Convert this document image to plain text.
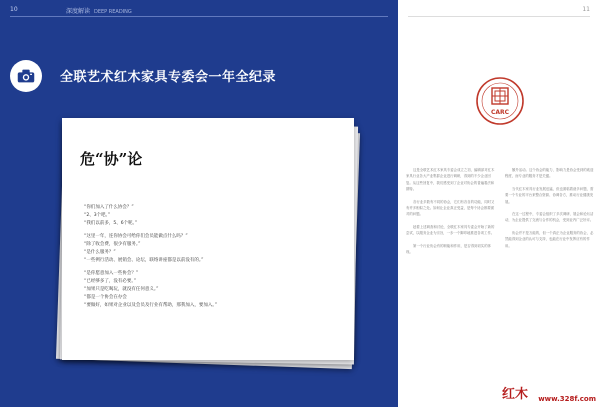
10	深度解读 DEEP READING
全联艺术红木家具专委会一年全纪录
危“协”论

“你们加入了什么协会？”

“2、3个吧。”

“我们以前多，5、6个呢。”

“这里一年，连你协会可给你们会员能做点什么吗？”

“除了收会费，很少有服务。”

“是什么服务？”

“一些例行活动、展销会、论坛，联络讲座都是以前没有的。”

“是你愿意加入一些协会？”

“已经够多了，没有必要。”

“加果只是吃喝玩，就没有任何意义。”

“都是一个协会在办会

“要做好，如果对企业以及会员及行业有帮助，那我加入，要加入。”

11
CARC

这是全联艺术红木家具专委会成立之初，编辑部对红木家具行业各大产业集群企业进行调研，得到的不少企业回复。从这些回复中，我们感受到了企业对协会的普遍看法和期待。

各行业多数有不同的协会，它们有各自的功能，同时又有许多相似之处。如何让企业真正受益，是每个协会都要面对的问题。

趁着上述调查和讨论，全联红木家具专委会开始了新的尝试，以服务企业为宗旨，一步一个脚印地推进各项工作。

第一个行业协会有的职能和作用，是否得到切实的体现。

额外活动。这个协会的能力、影响力是协会受到的欢迎程度，而专业的服务才是关键。

当代红木家具行业发展迅猛，但也面临着诸多问题，需要一个专业的平台来整合资源、协调各方，推动行业健康发展。

在这一过程中，专委会组织了多次调研、展会和论坛活动，为企业提供了交流与合作的机会，受到业内广泛好评。

协会并不是万能的，但一个真正为企业服务的协会，必然能得到企业的认可与支持，也能在行业中发挥应有的作用。

红木 www.328f.com
